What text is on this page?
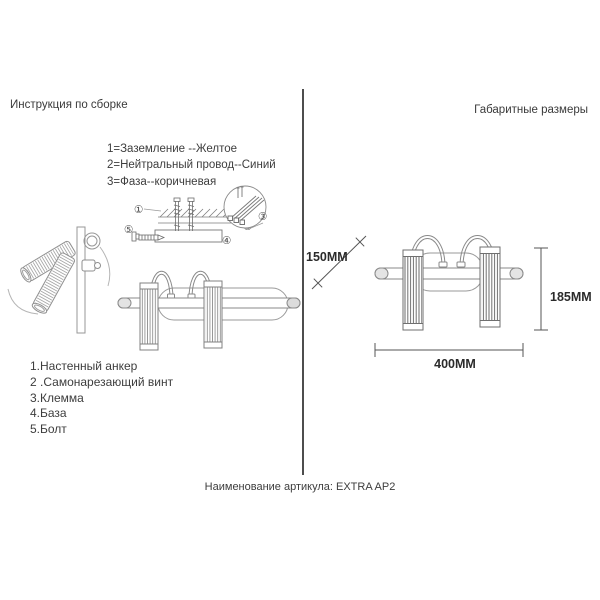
Инструкция по сборке	Габаритные размеры
1=Заземление --Желтое
2=Нейтральный провод--Синий
3=Фаза--коричневая
①
④
⑤
③
1.Настенный анкер
2 .Самонарезающий винт
3.Клемма
4.База
5.Болт
150MM
185MM
400MM
Наименование артикула: EXTRA AP2
